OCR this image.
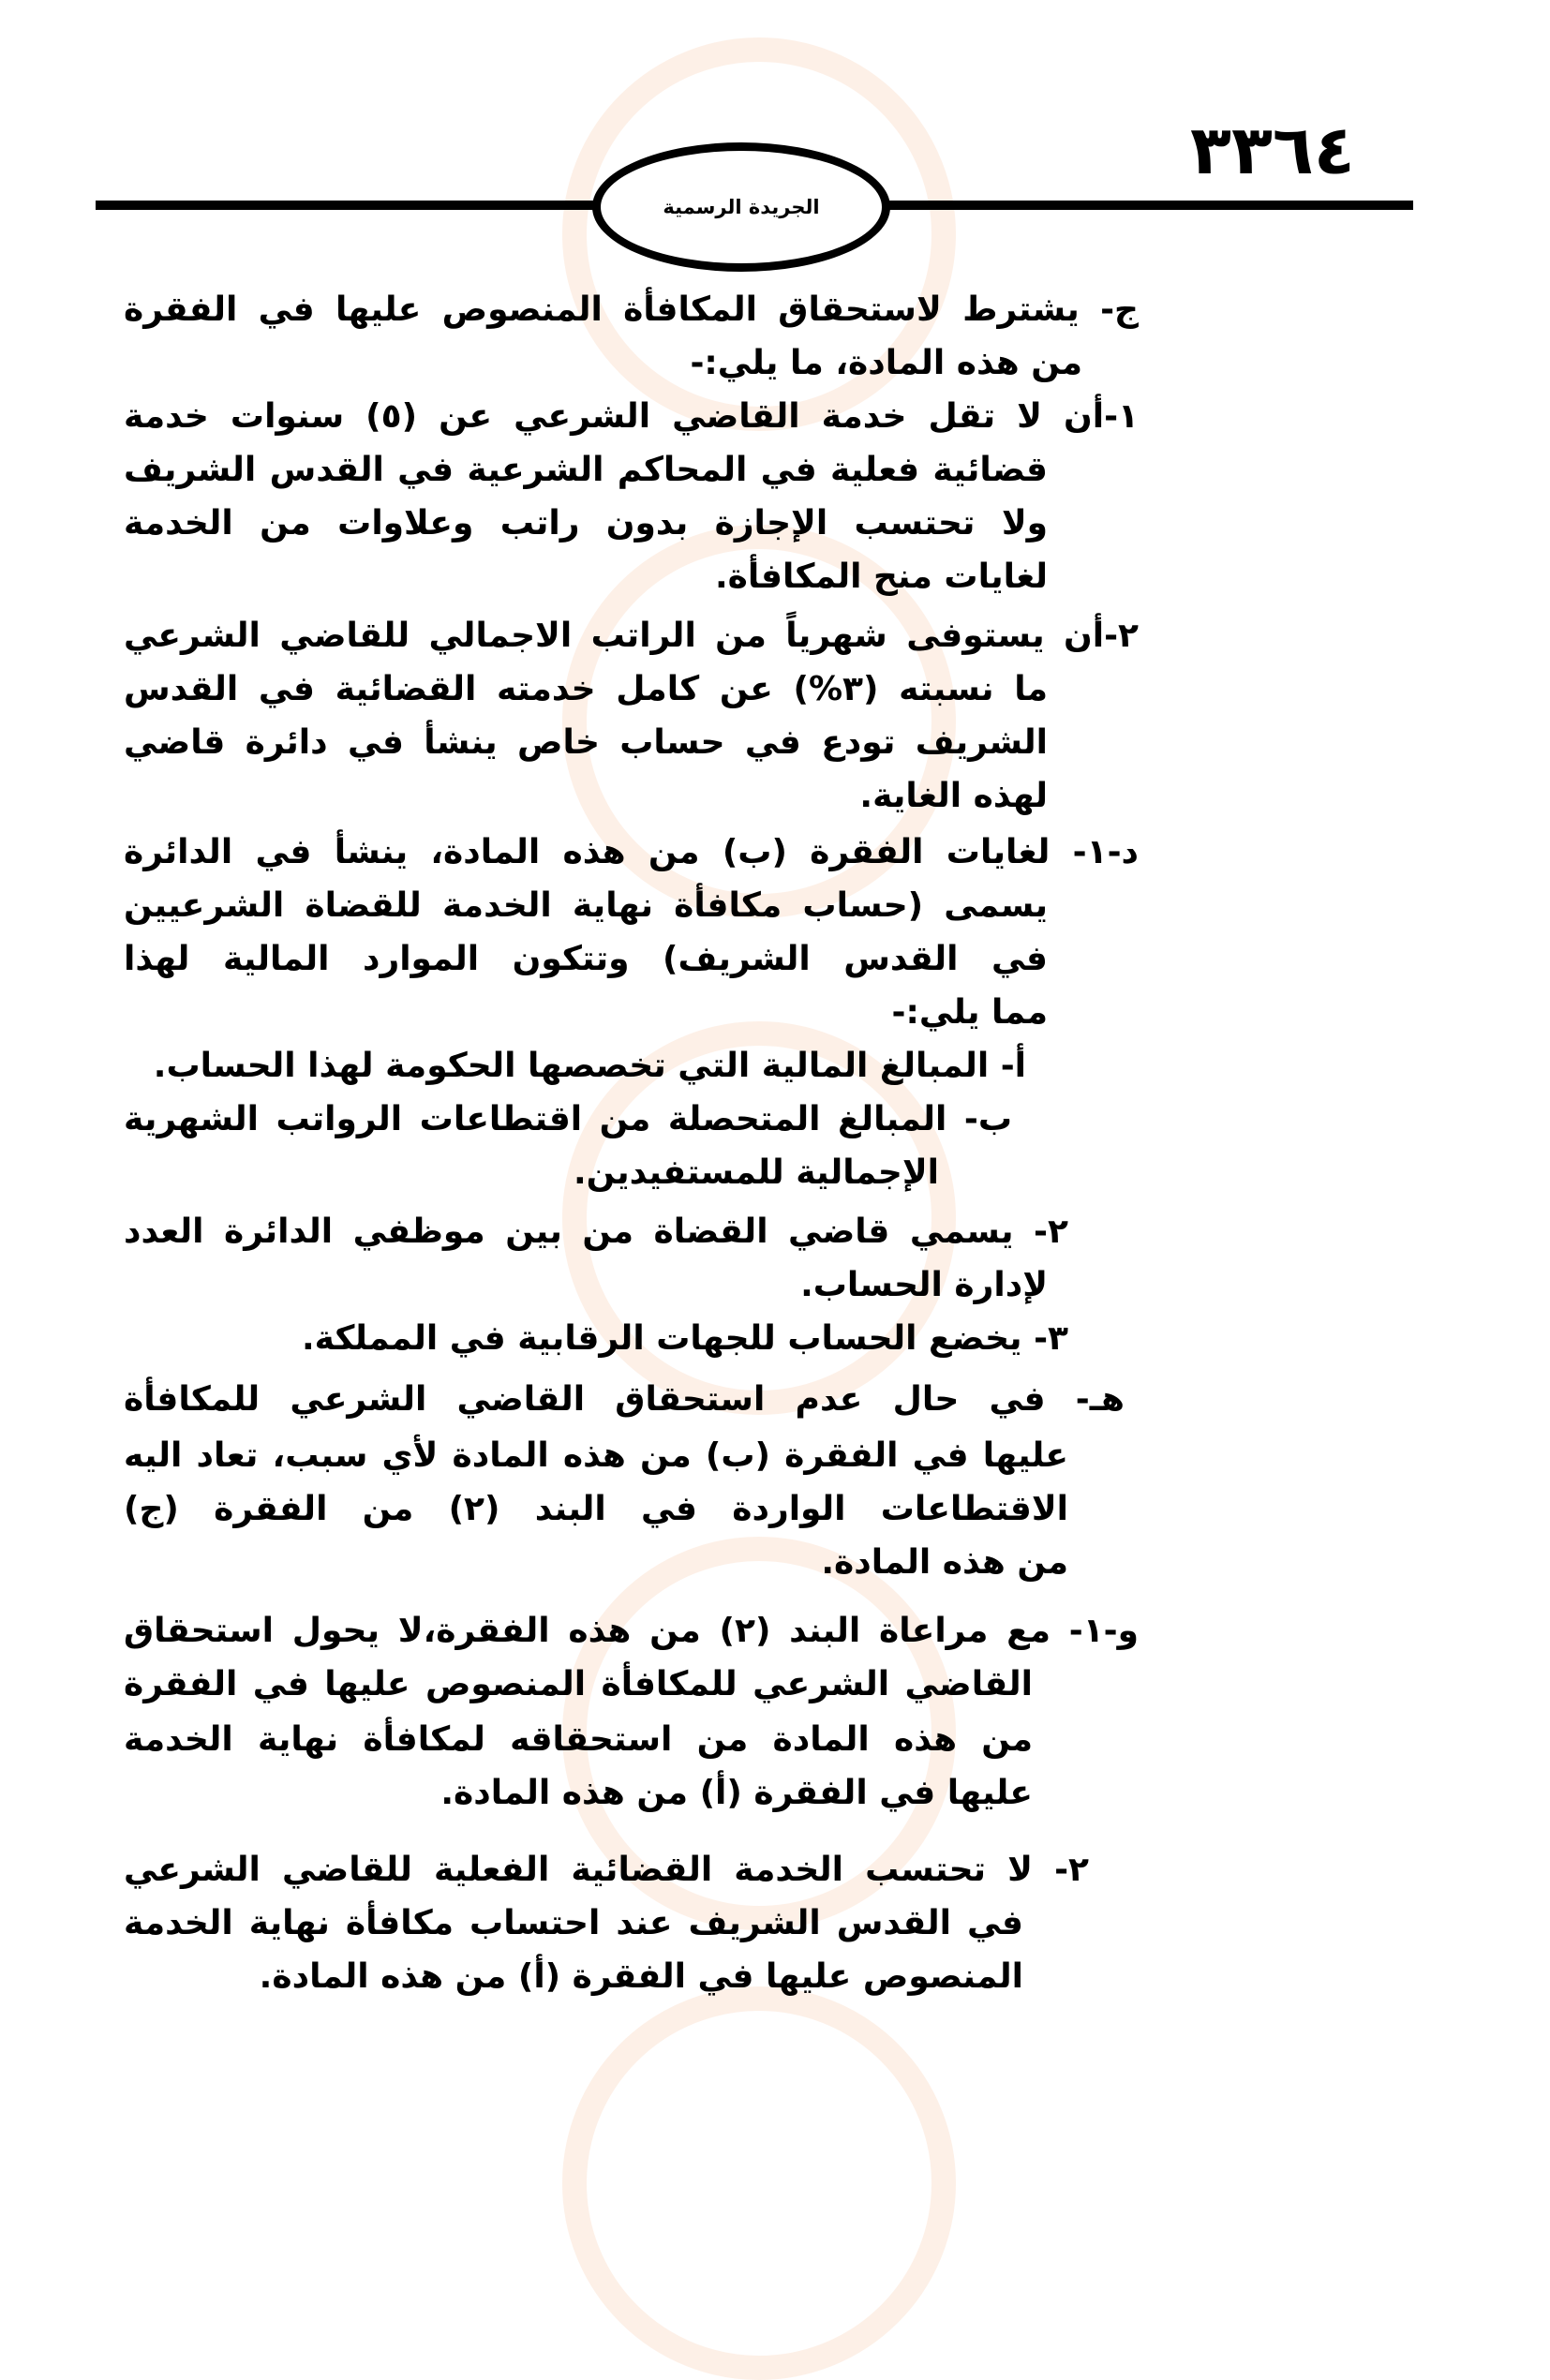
٣٣٦٤
الجريدة الرسمية
ج- يشترط لاستحقاق المكافأة المنصوص عليها في الفقرة
من هذه المادة، ما يلي:-
١-أن لا تقل خدمة القاضي الشرعي عن (٥) سنوات خدمة
قضائية فعلية في المحاكم الشرعية في القدس الشريف
ولا تحتسب الإجازة بدون راتب وعلاوات من الخدمة
لغايات منح المكافأة.
٢-أن يستوفى شهرياً من الراتب الاجمالي للقاضي الشرعي
ما نسبته (٣%) عن كامل خدمته القضائية في القدس
الشريف تودع في حساب خاص ينشأ في دائرة قاضي
لهذه الغاية.
د-١- لغايات الفقرة (ب) من هذه المادة، ينشأ في الدائرة
يسمى (حساب مكافأة نهاية الخدمة للقضاة الشرعيين
في القدس الشريف) وتتكون الموارد المالية لهذا
مما يلي:-
أ- المبالغ المالية التي تخصصها الحكومة لهذا الحساب.
ب- المبالغ المتحصلة من اقتطاعات الرواتب الشهرية
الإجمالية للمستفيدين.
٢- يسمي قاضي القضاة من بين موظفي الدائرة العدد
لإدارة الحساب.
٣- يخضع الحساب للجهات الرقابية في المملكة.
هـ- في حال عدم استحقاق القاضي الشرعي للمكافأة
عليها في الفقرة (ب) من هذه المادة لأي سبب، تعاد اليه
الاقتطاعات الواردة في البند (٢) من الفقرة (ج)
من هذه المادة.
و-١- مع مراعاة البند (٢) من هذه الفقرة،لا يحول استحقاق
القاضي الشرعي للمكافأة المنصوص عليها في الفقرة
من هذه المادة من استحقاقه لمكافأة نهاية الخدمة
عليها في الفقرة (أ) من هذه المادة.
٢- لا تحتسب الخدمة القضائية الفعلية للقاضي الشرعي
في القدس الشريف عند احتساب مكافأة نهاية الخدمة
المنصوص عليها في الفقرة (أ) من هذه المادة.
